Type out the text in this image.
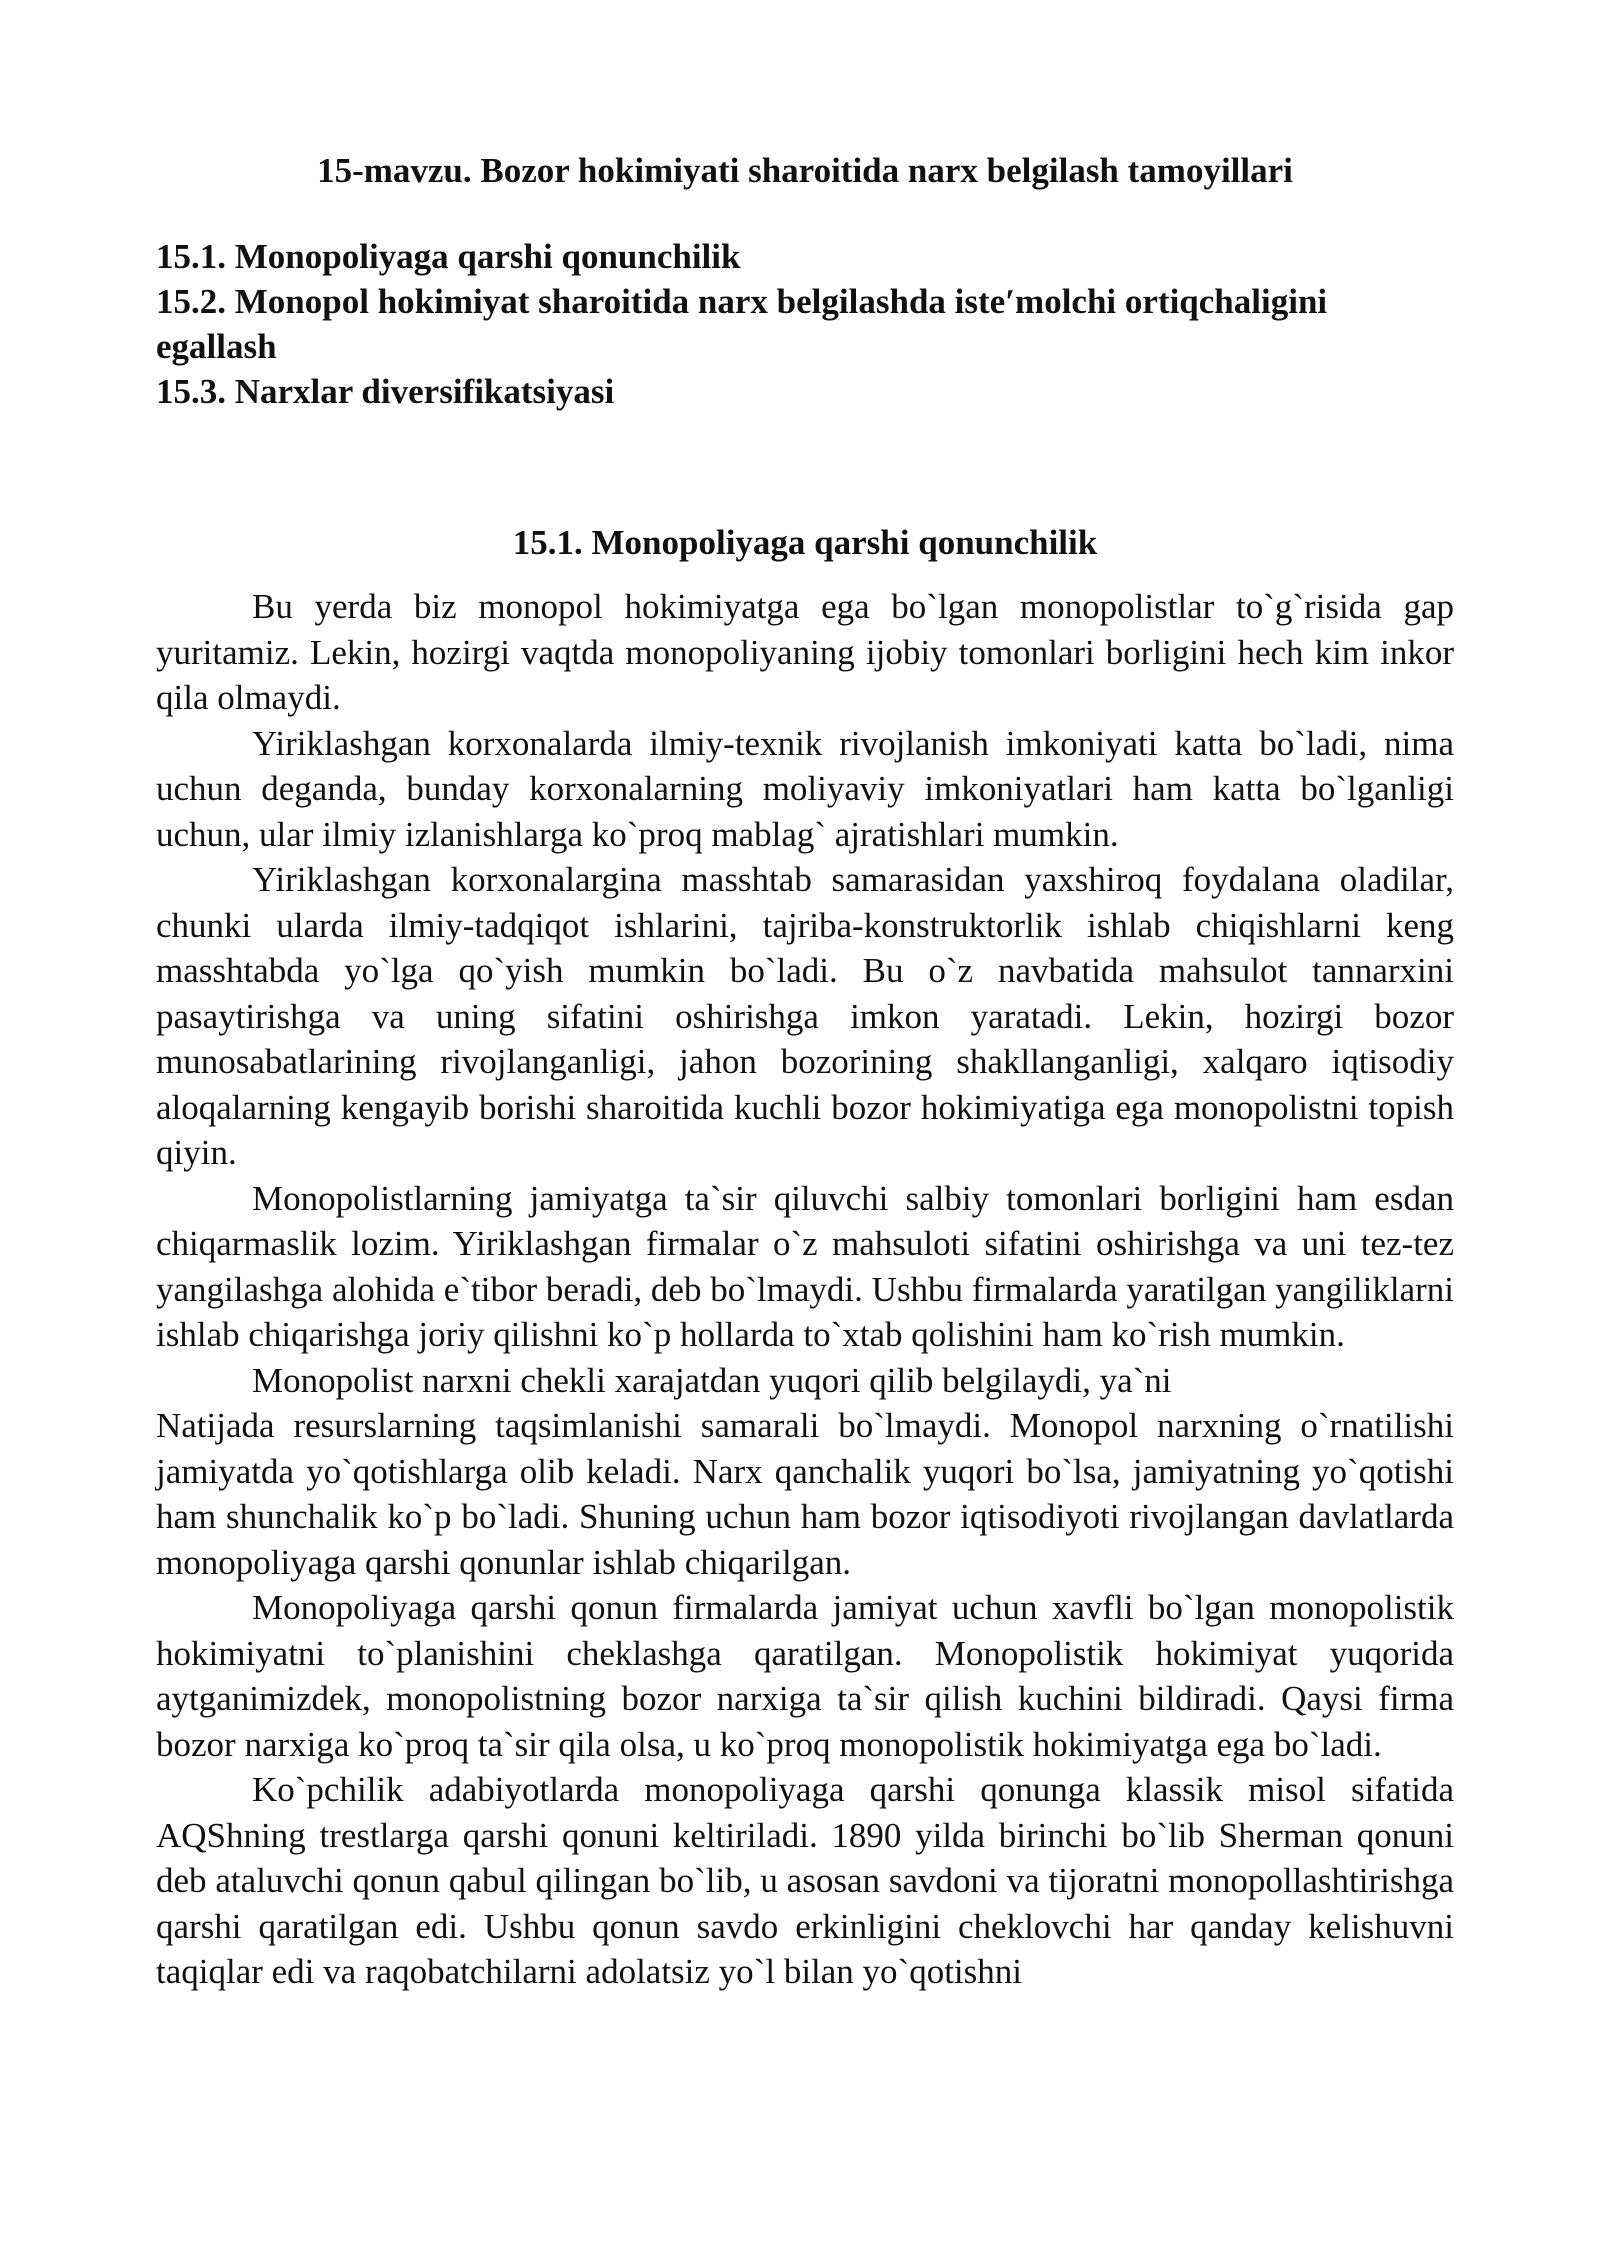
15-mavzu. Bozor hokimiyati sharoitida narx belgilash tamoyillari
15.1. Monopoliyaga qarshi qonunchilik
15.2. Monopol hokimiyat sharoitida narx belgilashda isteʹmolchi ortiqchaligini egallash
15.3. Narxlar diversifikatsiyasi
15.1. Monopoliyaga qarshi qonunchilik

Bu yerda biz monopol hokimiyatga ega bo`lgan monopolistlar to`g`risida gap yuritamiz. Lekin, hozirgi vaqtda monopoliyaning ijobiy tomonlari borligini hech kim inkor qila olmaydi.

Yiriklashgan korxonalarda ilmiy-texnik rivojlanish imkoniyati katta bo`ladi, nima uchun deganda, bunday korxonalarning moliyaviy imkoniyatlari ham katta bo`lganligi uchun, ular ilmiy izlanishlarga ko`proq mablag` ajratishlari mumkin.

Yiriklashgan korxonalargina masshtab samarasidan yaxshiroq foydalana oladilar, chunki ularda ilmiy-tadqiqot ishlarini, tajriba-konstruktorlik ishlab chiqishlarni keng masshtabda yo`lga qo`yish mumkin bo`ladi. Bu o`z navbatida mahsulot tannarxini pasaytirishga va uning sifatini oshirishga imkon yaratadi. Lekin, hozirgi bozor munosabatlarining rivojlanganligi, jahon bozorining shakllanganligi, xalqaro iqtisodiy aloqalarning kengayib borishi sharoitida kuchli bozor hokimiyatiga ega monopolistni topish qiyin.

Monopolistlarning jamiyatga ta`sir qiluvchi salbiy tomonlari borligini ham esdan chiqarmaslik lozim. Yiriklashgan firmalar o`z mahsuloti sifatini oshirishga va uni tez-tez yangilashga alohida e`tibor beradi, deb bo`lmaydi. Ushbu firmalarda yaratilgan yangiliklarni ishlab chiqarishga joriy qilishni ko`p hollarda to`xtab qolishini ham ko`rish mumkin.

Monopolist narxni chekli xarajatdan yuqori qilib belgilaydi, ya`ni

Natijada resurslarning taqsimlanishi samarali bo`lmaydi. Monopol narxning o`rnatilishi jamiyatda yo`qotishlarga olib keladi. Narx qanchalik yuqori bo`lsa, jamiyatning yo`qotishi ham shunchalik ko`p bo`ladi. Shuning uchun ham bozor iqtisodiyoti rivojlangan davlatlarda monopoliyaga qarshi qonunlar ishlab chiqarilgan.

Monopoliyaga qarshi qonun firmalarda jamiyat uchun xavfli bo`lgan monopolistik hokimiyatni to`planishini cheklashga qaratilgan. Monopolistik hokimiyat yuqorida aytganimizdek, monopolistning bozor narxiga ta`sir qilish kuchini bildiradi. Qaysi firma bozor narxiga ko`proq ta`sir qila olsa, u ko`proq monopolistik hokimiyatga ega bo`ladi.

Ko`pchilik adabiyotlarda monopoliyaga qarshi qonunga klassik misol sifatida AQShning trestlarga qarshi qonuni keltiriladi. 1890 yilda birinchi bo`lib Sherman qonuni deb ataluvchi qonun qabul qilingan bo`lib, u asosan savdoni va tijoratni monopollashtirishga qarshi qaratilgan edi. Ushbu qonun savdo erkinligini cheklovchi har qanday kelishuvni taqiqlar edi va raqobatchilarni adolatsiz yo`l bilan yo`qotishni
